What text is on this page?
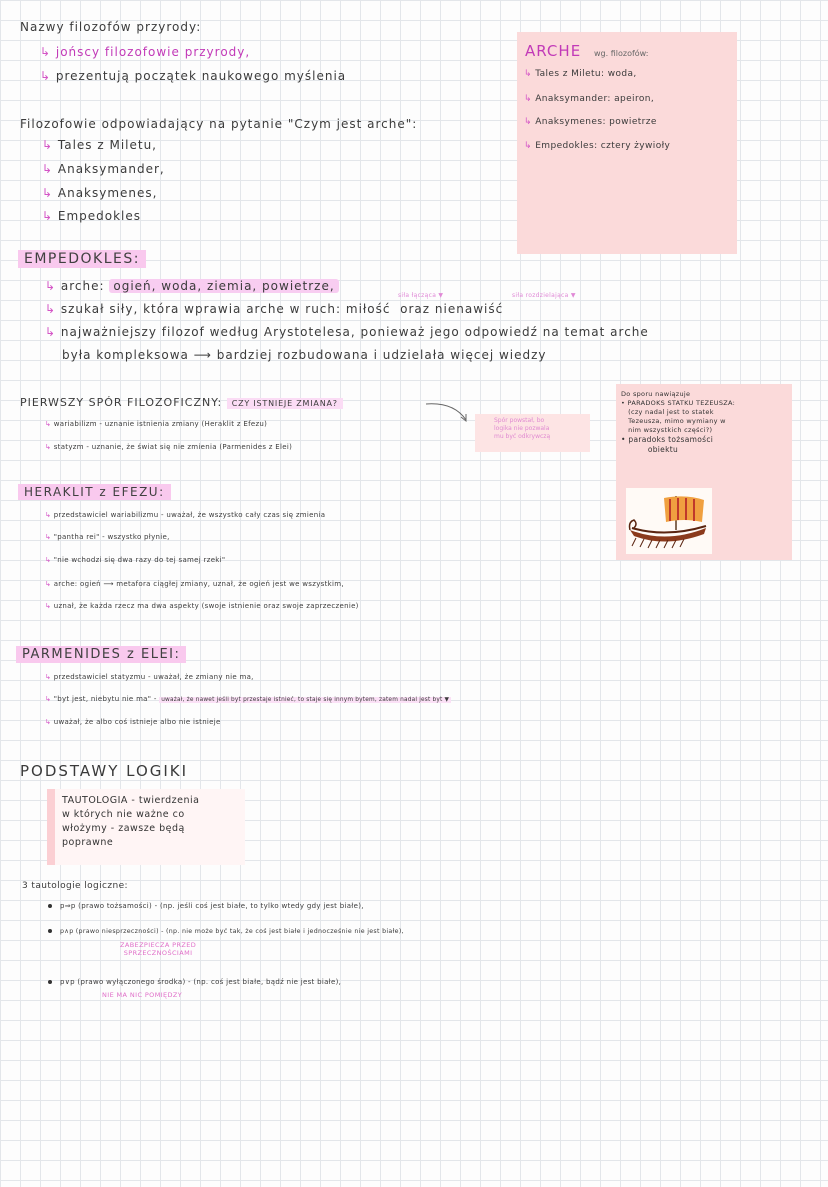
Nazwy filozofów przyrody:
↳ jońscy filozofowie przyrody,
↳ prezentują początek naukowego myślenia
Filozofowie odpowiadający na pytanie "Czym jest arche":
↳ Tales z Miletu,
↳ Anaksymander,
↳ Anaksymenes,
↳ Empedokles
ARCHE wg. filozofów:
↳ Tales z Miletu: woda,
↳ Anaksymander: apeiron,
↳ Anaksymenes: powietrze
↳ Empedokles: cztery żywioły
EMPEDOKLES:
↳ arche: ogień, woda, ziemia, powietrze,
siła łącząca ▼	siła rozdzielająca ▼
↳ szukał siły, która wprawia arche w ruch: miłość oraz nienawiść
↳ najważniejszy filozof według Arystotelesa, ponieważ jego odpowiedź na temat arche
była kompleksowa ⟶ bardziej rozbudowana i udzielała więcej wiedzy
PIERWSZY SPÓR FILOZOFICZNY: CZY ISTNIEJE ZMIANA?
↳ wariabilizm - uznanie istnienia zmiany (Heraklit z Efezu)
↳ statyzm - uznanie, że świat się nie zmienia (Parmenides z Elei)
Spór powstał, bo
logika nie pozwala
mu być odkrywczą
Do sporu nawiązuje
• PARADOKS STATKU TEZEUSZA:
(czy nadal jest to statek
Tezeusza, mimo wymiany w
nim wszystkich części?)
• paradoks tożsamości
obiektu
HERAKLIT z EFEZU:
↳ przedstawiciel wariabilizmu - uważał, że wszystko cały czas się zmienia
↳ "pantha rei" - wszystko płynie,
↳ "nie wchodzi się dwa razy do tej samej rzeki"
↳ arche: ogień ⟶ metafora ciągłej zmiany, uznał, że ogień jest we wszystkim,
↳ uznał, że każda rzecz ma dwa aspekty (swoje istnienie oraz swoje zaprzeczenie)
PARMENIDES z ELEI:
↳ przedstawiciel statyzmu - uważał, że zmiany nie ma,
↳ "byt jest, niebytu nie ma" - uważał, że nawet jeśli byt przestaje istnieć, to staje się innym bytem, zatem nadal jest byt ▼
↳ uważał, że albo coś istnieje albo nie istnieje
PODSTAWY LOGIKI
TAUTOLOGIA - twierdzenia
w których nie ważne co
włożymy - zawsze będą
poprawne
3 tautologie logiczne:
p⇒p (prawo tożsamości) - (np. jeśli coś jest białe, to tylko wtedy gdy jest białe),
p∧p (prawo niesprzeczności) - (np. nie może być tak, że coś jest białe i jednocześnie nie jest białe),
ZABEZPIECZA PRZED
SPRZECZNOŚCIAMI
p∨p (prawo wyłączonego środka) - (np. coś jest białe, bądź nie jest białe),
NIE MA NIC POMIĘDZY
